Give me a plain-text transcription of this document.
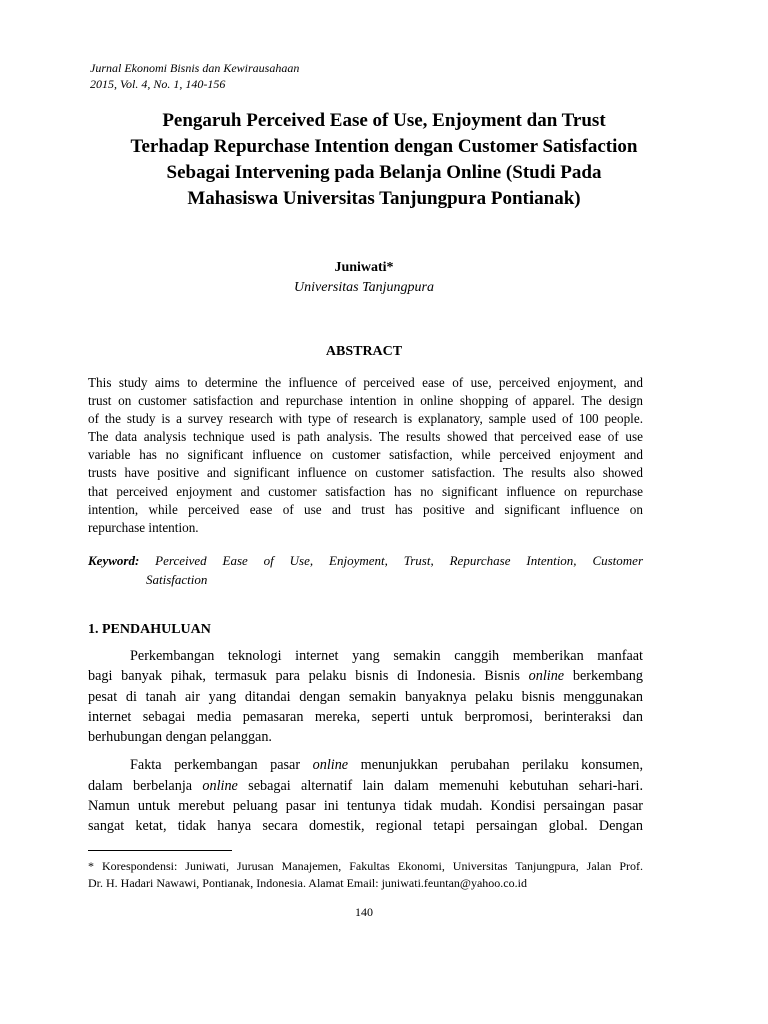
Jurnal Ekonomi Bisnis dan Kewirausahaan
2015, Vol. 4, No. 1, 140-156
Pengaruh Perceived Ease of Use, Enjoyment dan Trust
Terhadap Repurchase Intention dengan Customer Satisfaction
Sebagai Intervening pada Belanja Online (Studi Pada
Mahasiswa Universitas Tanjungpura Pontianak)
Juniwati*
Universitas Tanjungpura
ABSTRACT
This study aims to determine the influence of perceived ease of use, perceived enjoyment, and
trust on customer satisfaction and repurchase intention in online shopping of apparel. The design
of the study is a survey research with type of research is explanatory, sample used of 100 people.
The data analysis technique used is path analysis. The results showed that perceived ease of use
variable has no significant influence on customer satisfaction, while perceived enjoyment and
trusts have positive and significant influence on customer satisfaction. The results also showed
that perceived enjoyment and customer satisfaction has no significant influence on repurchase
intention, while perceived ease of use and trust has positive and significant influence on
repurchase intention.
Keyword: Perceived Ease of Use, Enjoyment, Trust, Repurchase Intention, Customer
Satisfaction
1. PENDAHULUAN
Perkembangan teknologi internet yang semakin canggih memberikan manfaat
bagi banyak pihak, termasuk para pelaku bisnis di Indonesia. Bisnis online berkembang
pesat di tanah air yang ditandai dengan semakin banyaknya pelaku bisnis menggunakan
internet sebagai media pemasaran mereka, seperti untuk berpromosi, berinteraksi dan
berhubungan dengan pelanggan.
Fakta perkembangan pasar online menunjukkan perubahan perilaku konsumen,
dalam berbelanja online sebagai alternatif lain dalam memenuhi kebutuhan sehari-hari.
Namun untuk merebut peluang pasar ini tentunya tidak mudah. Kondisi persaingan pasar
sangat ketat, tidak hanya secara domestik, regional tetapi persaingan global. Dengan
* Korespondensi: Juniwati, Jurusan Manajemen, Fakultas Ekonomi, Universitas Tanjungpura, Jalan Prof.
Dr. H. Hadari Nawawi, Pontianak, Indonesia. Alamat Email: juniwati.feuntan@yahoo.co.id
140
